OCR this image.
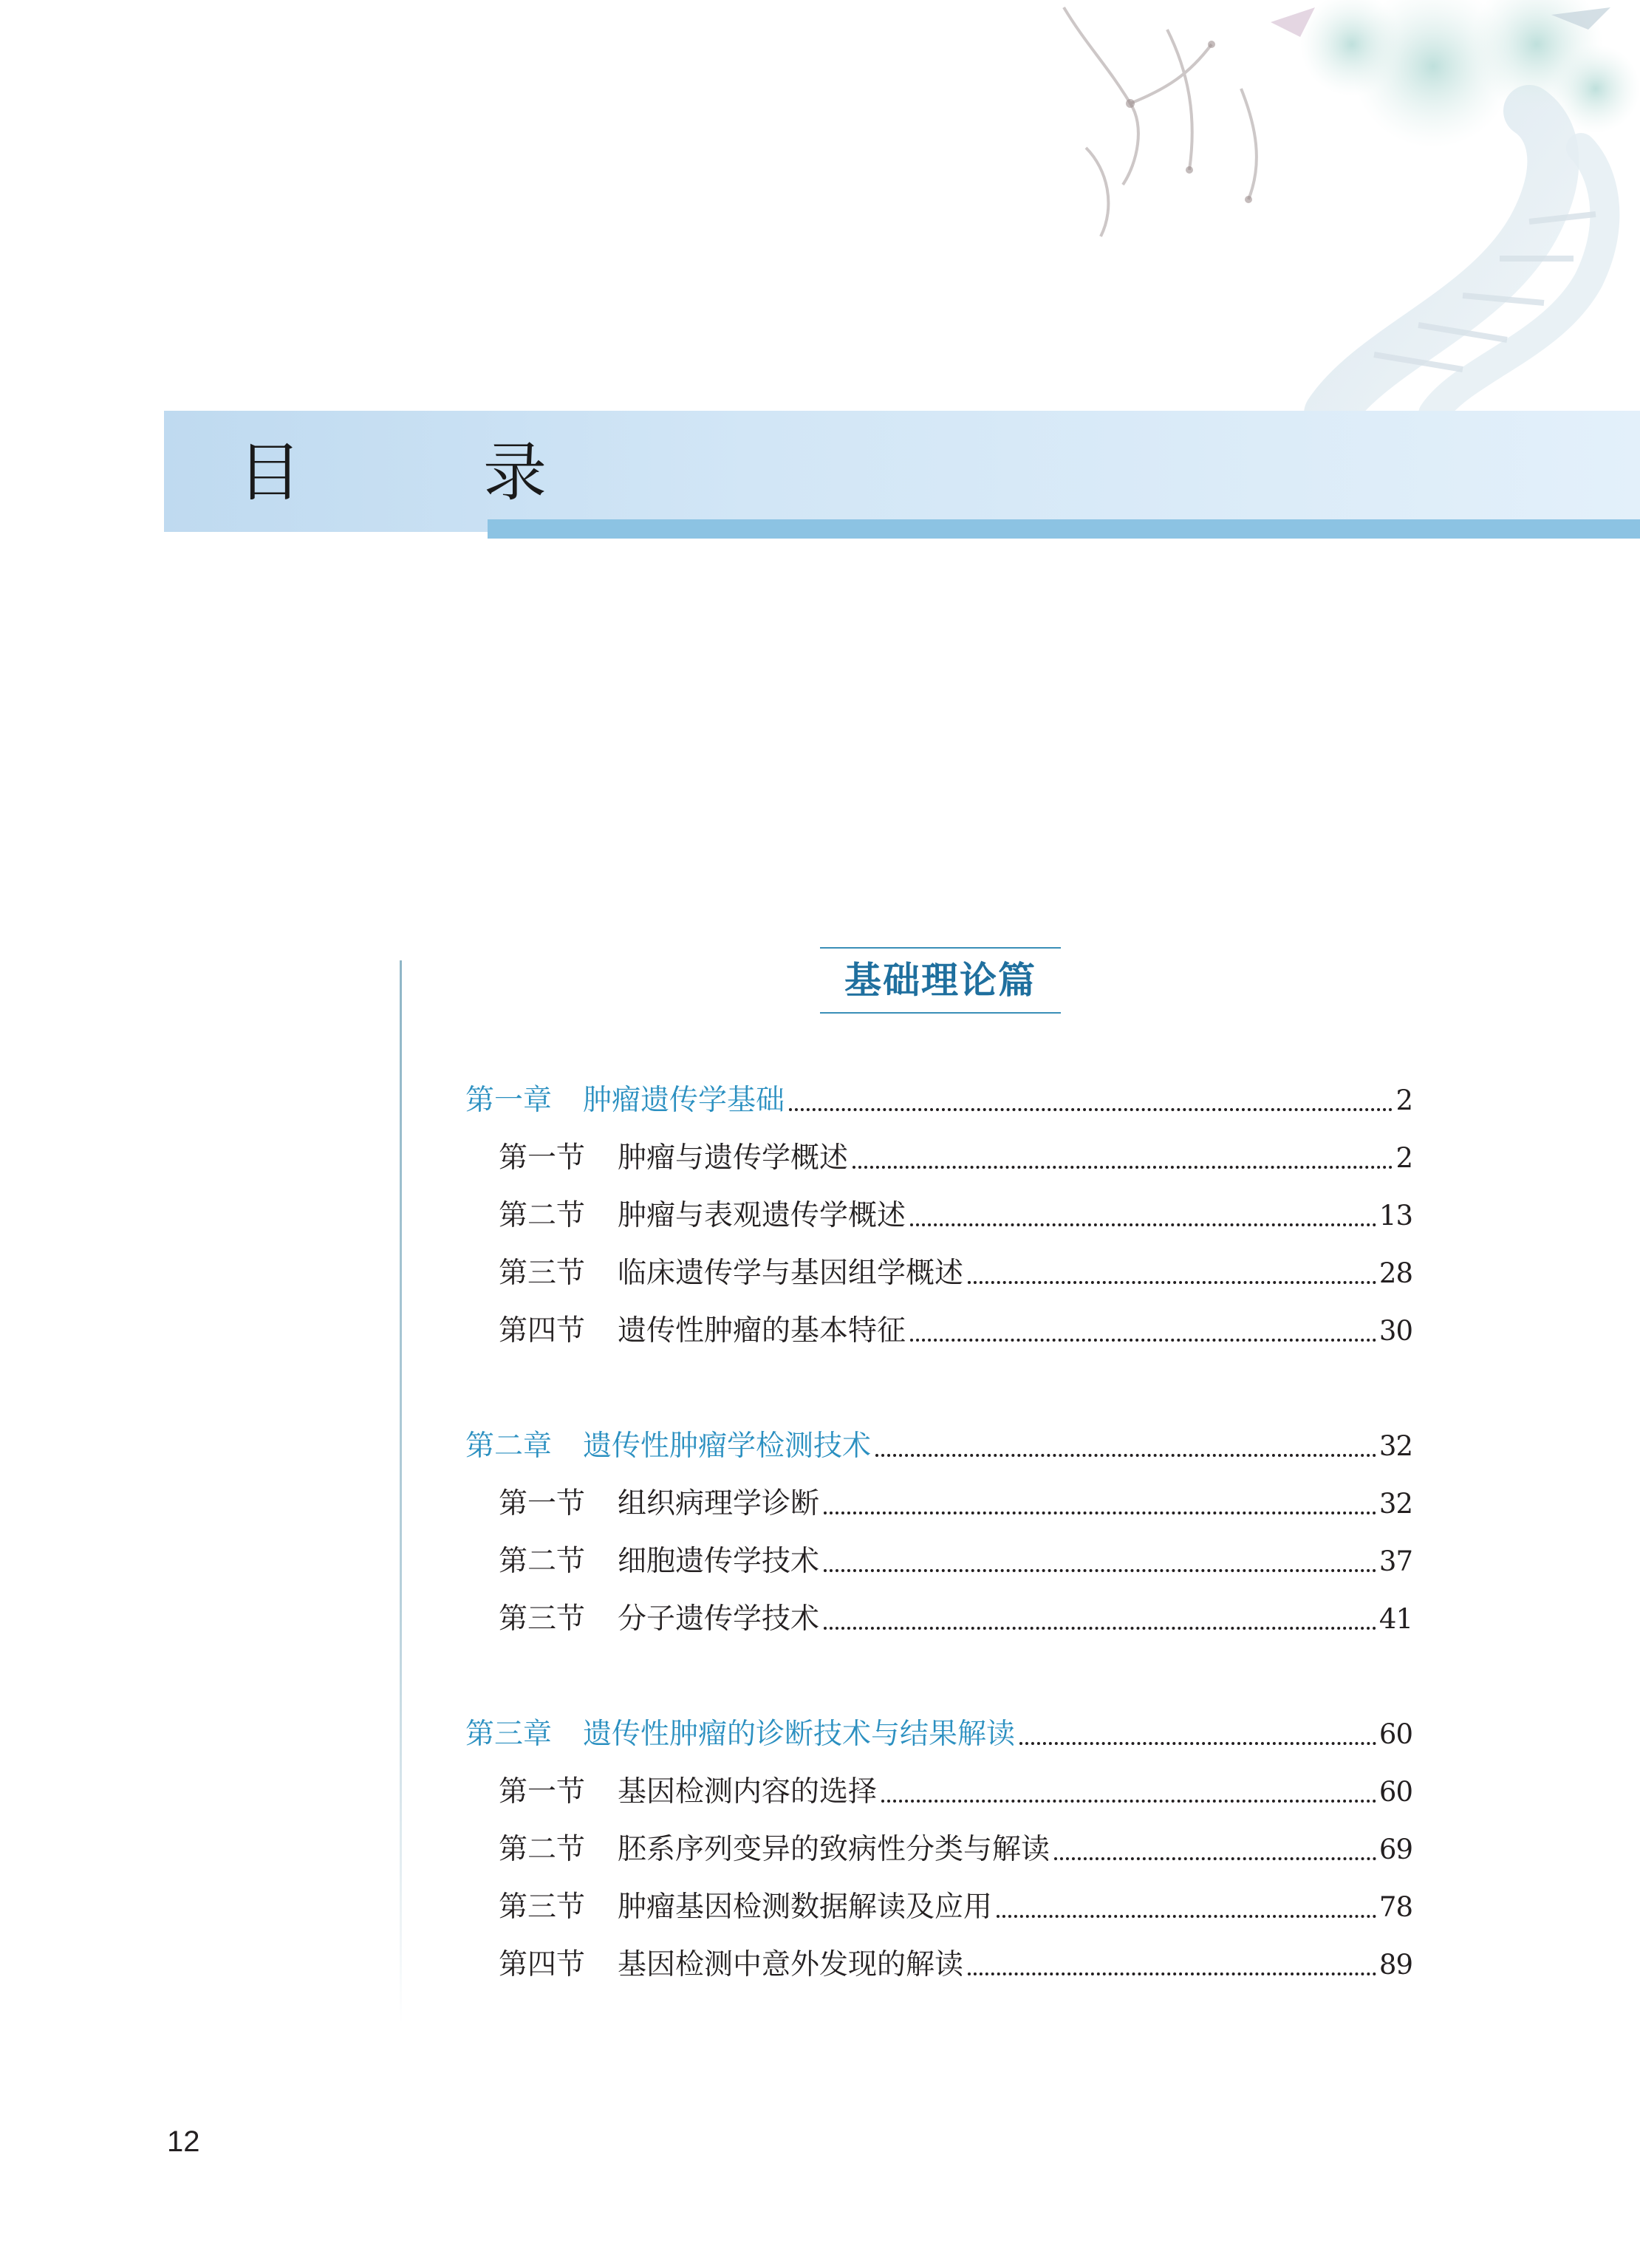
目　录
基础理论篇
第一章 肿瘤遗传学基础	2
第一节 肿瘤与遗传学概述	2
第二节 肿瘤与表观遗传学概述	13
第三节 临床遗传学与基因组学概述	28
第四节 遗传性肿瘤的基本特征	30
第二章 遗传性肿瘤学检测技术	32
第一节 组织病理学诊断	32
第二节 细胞遗传学技术	37
第三节 分子遗传学技术	41
第三章 遗传性肿瘤的诊断技术与结果解读	60
第一节 基因检测内容的选择	60
第二节 胚系序列变异的致病性分类与解读	69
第三节 肿瘤基因检测数据解读及应用	78
第四节 基因检测中意外发现的解读	89
12
